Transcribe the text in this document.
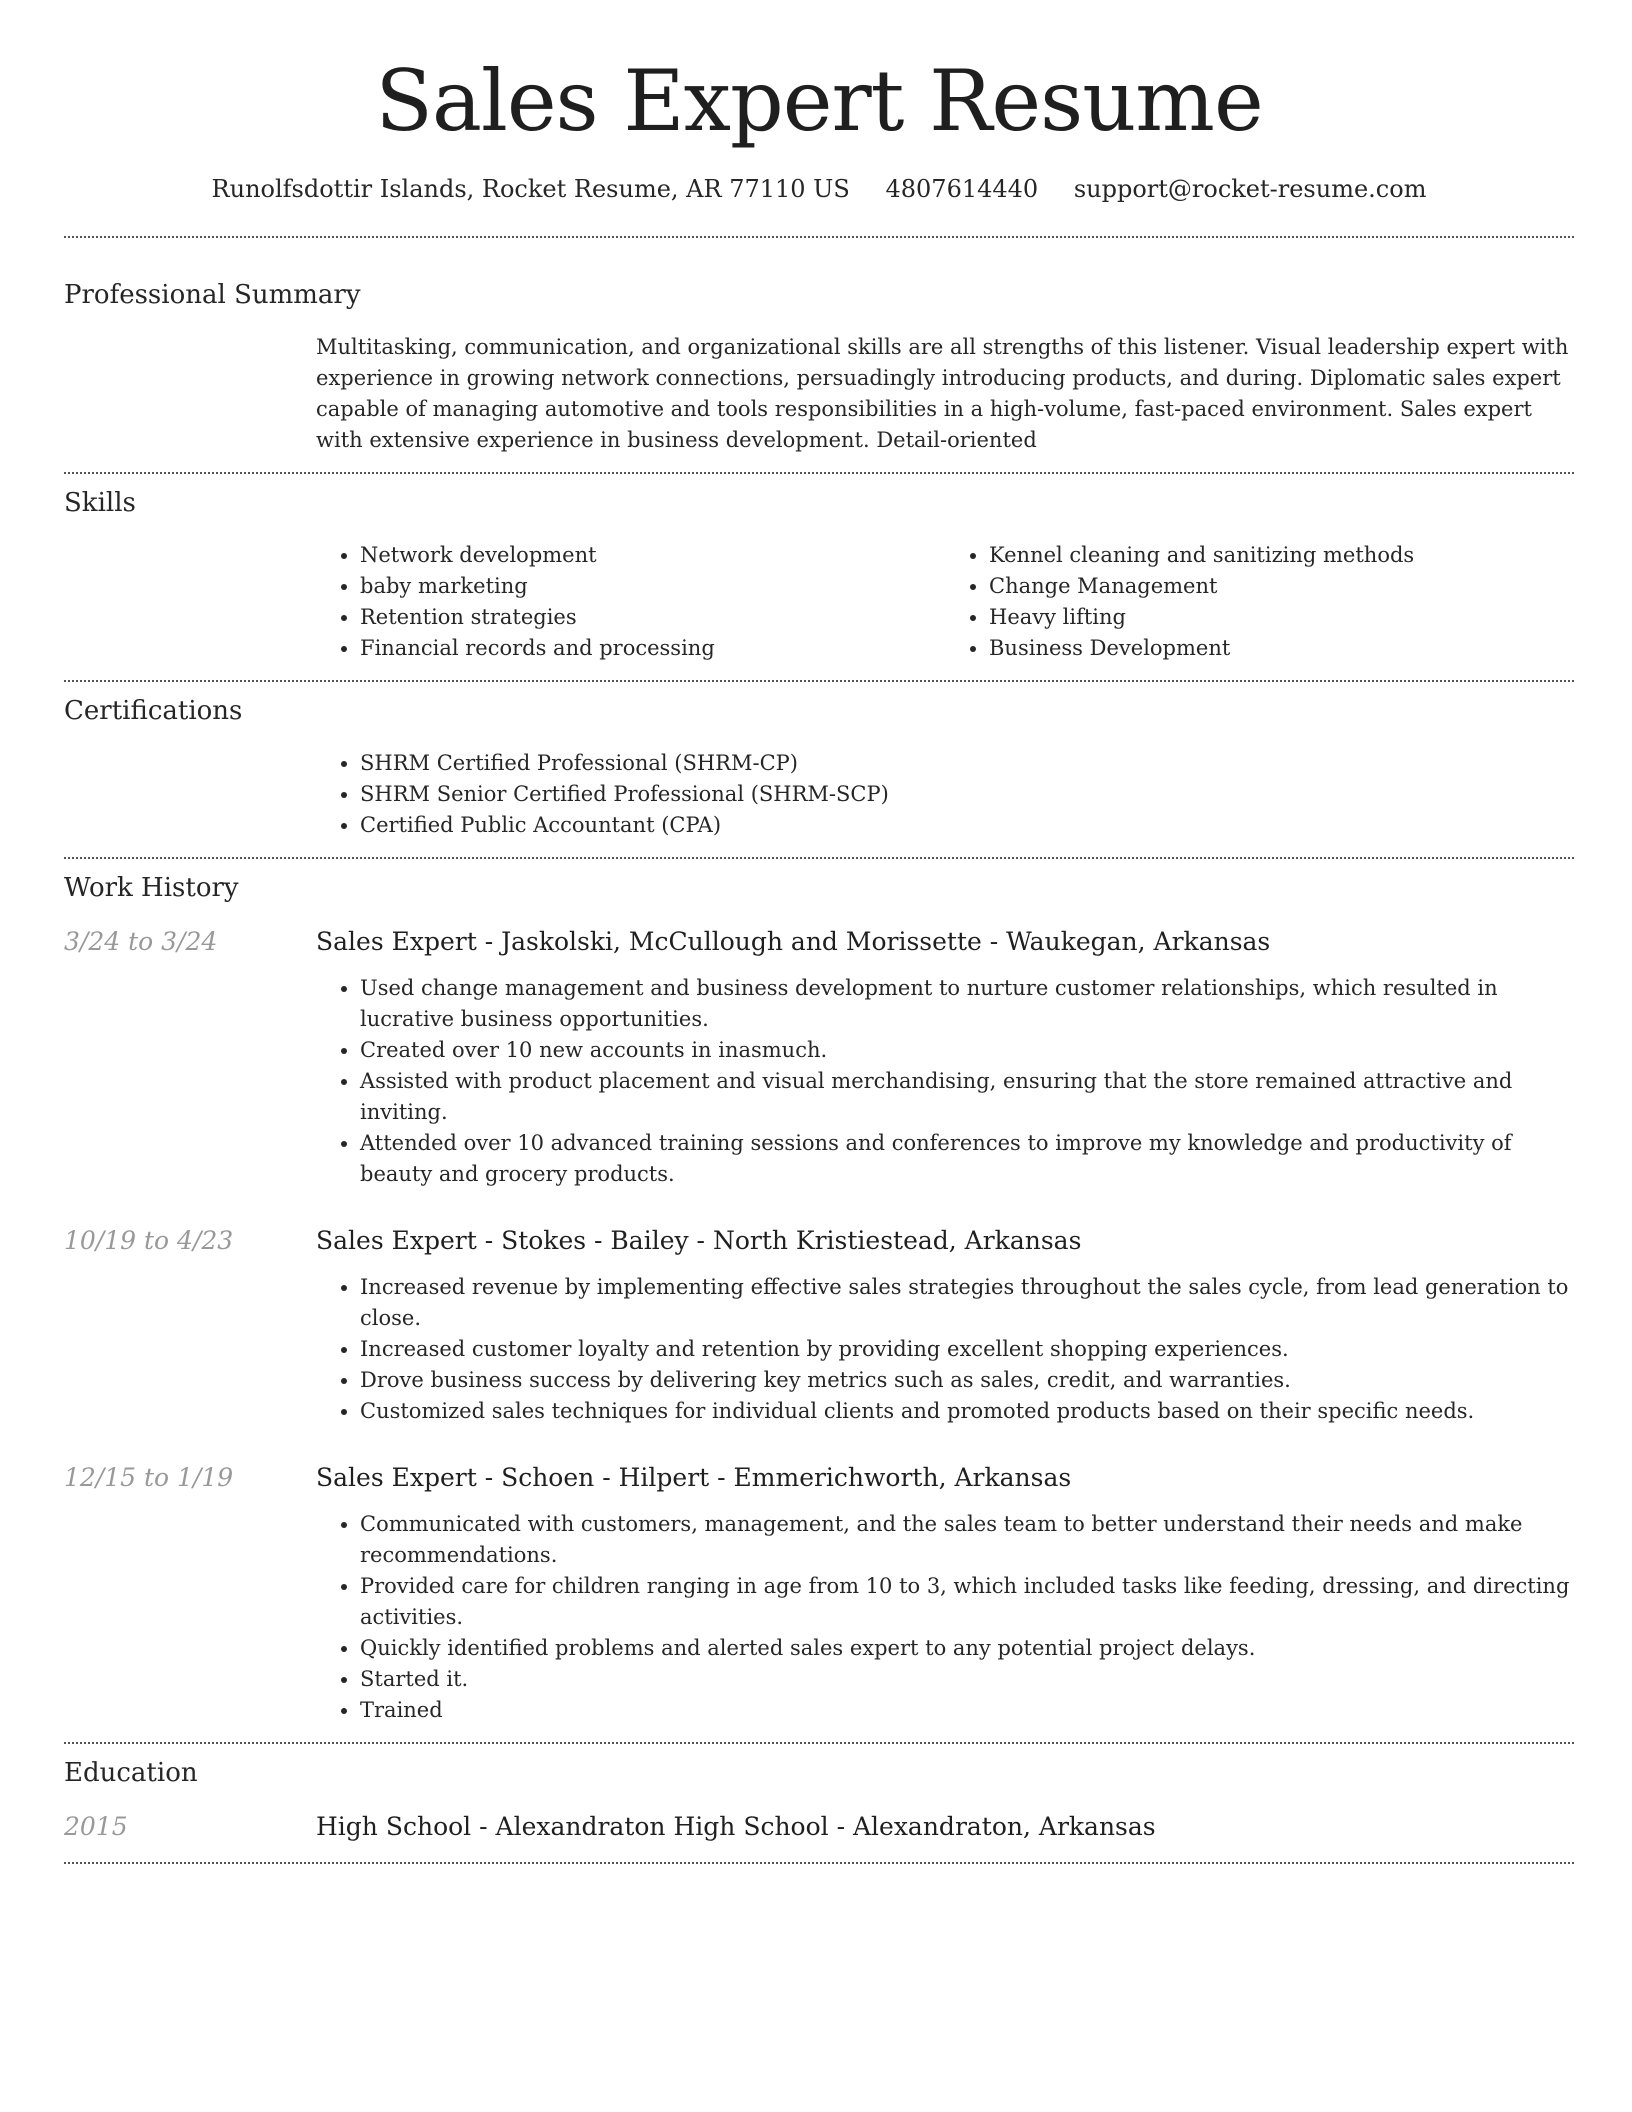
Sales Expert Resume
Runolfsdottir Islands, Rocket Resume, AR 77110 US 4807614440 support@rocket-resume.com
Professional Summary
Multitasking, communication, and organizational skills are all strengths of this listener. Visual leadership expert with experience in growing network connections, persuadingly introducing products, and during. Diplomatic sales expert capable of managing automotive and tools responsibilities in a high-volume, fast-paced environment. Sales expert with extensive experience in business development. Detail-oriented
Skills
• Network development
• baby marketing
• Retention strategies
• Financial records and processing
• Kennel cleaning and sanitizing methods
• Change Management
• Heavy lifting
• Business Development
Certifications
• SHRM Certified Professional (SHRM-CP)
• SHRM Senior Certified Professional (SHRM-SCP)
• Certified Public Accountant (CPA)
Work History
3/24 to 3/24	Sales Expert - Jaskolski, McCullough and Morissette - Waukegan, Arkansas
• Used change management and business development to nurture customer relationships, which resulted in lucrative business opportunities.
• Created over 10 new accounts in inasmuch.
• Assisted with product placement and visual merchandising, ensuring that the store remained attractive and inviting.
• Attended over 10 advanced training sessions and conferences to improve my knowledge and productivity of beauty and grocery products.
10/19 to 4/23	Sales Expert - Stokes - Bailey - North Kristiestead, Arkansas
• Increased revenue by implementing effective sales strategies throughout the sales cycle, from lead generation to close.
• Increased customer loyalty and retention by providing excellent shopping experiences.
• Drove business success by delivering key metrics such as sales, credit, and warranties.
• Customized sales techniques for individual clients and promoted products based on their specific needs.
12/15 to 1/19	Sales Expert - Schoen - Hilpert - Emmerichworth, Arkansas
• Communicated with customers, management, and the sales team to better understand their needs and make recommendations.
• Provided care for children ranging in age from 10 to 3, which included tasks like feeding, dressing, and directing activities.
• Quickly identified problems and alerted sales expert to any potential project delays.
• Started it.
• Trained
Education
2015	High School - Alexandraton High School - Alexandraton, Arkansas
